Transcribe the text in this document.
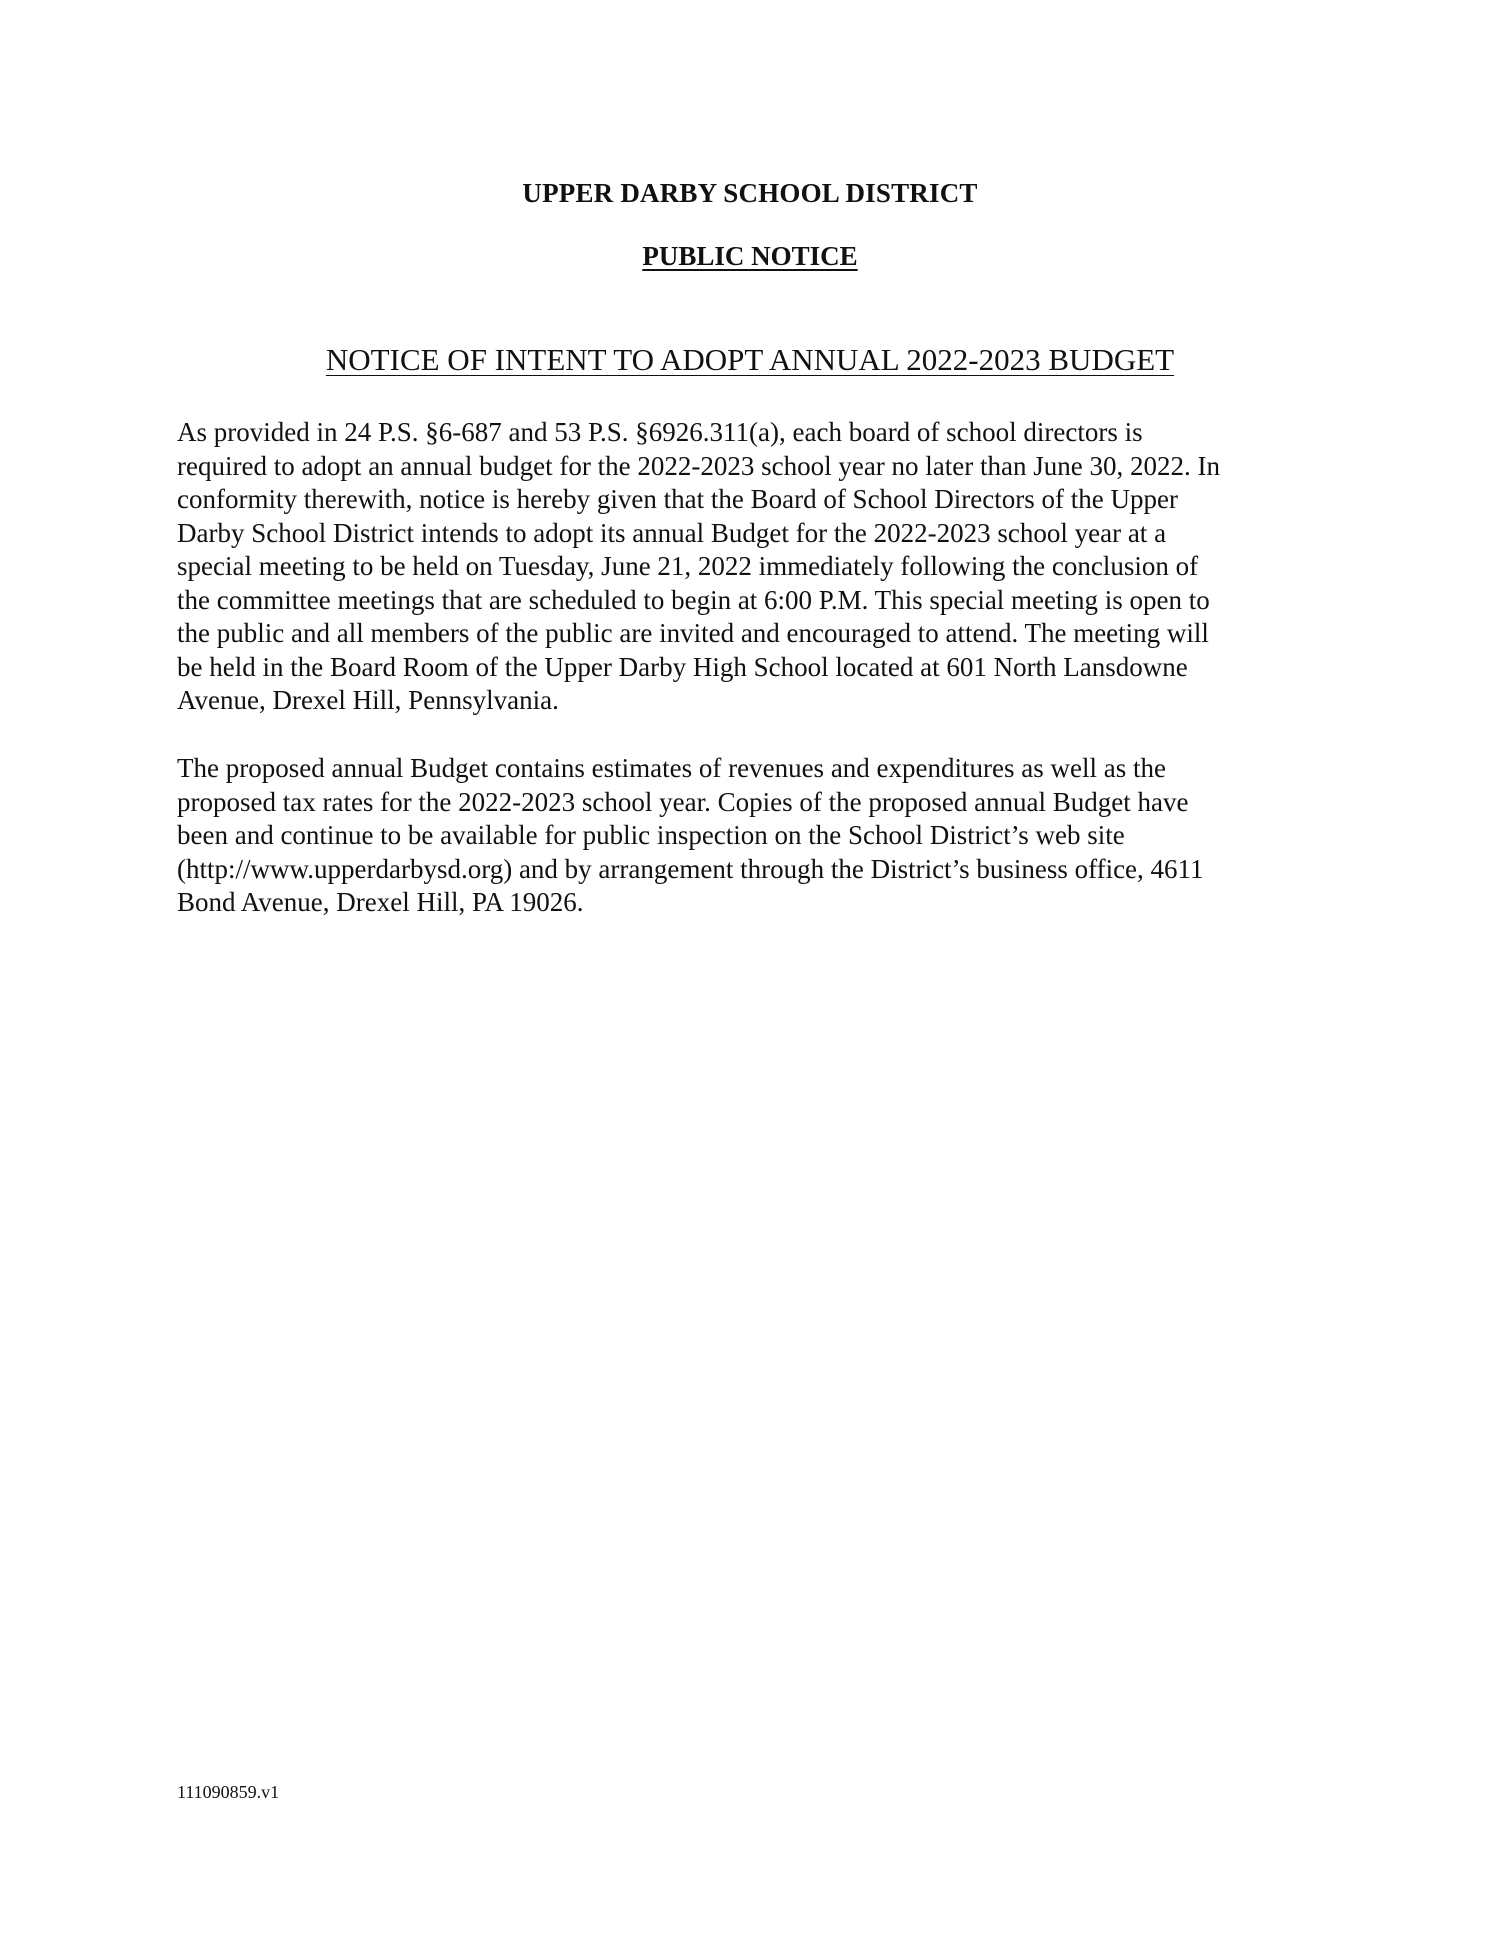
UPPER DARBY SCHOOL DISTRICT
PUBLIC NOTICE
NOTICE OF INTENT TO ADOPT ANNUAL 2022-2023 BUDGET
As provided in 24 P.S. §6-687 and 53 P.S. §6926.311(a), each board of school directors is
required to adopt an annual budget for the 2022-2023 school year no later than June 30, 2022. In
conformity therewith, notice is hereby given that the Board of School Directors of the Upper
Darby School District intends to adopt its annual Budget for the 2022-2023 school year at a
special meeting to be held on Tuesday, June 21, 2022 immediately following the conclusion of
the committee meetings that are scheduled to begin at 6:00 P.M. This special meeting is open to
the public and all members of the public are invited and encouraged to attend. The meeting will
be held in the Board Room of the Upper Darby High School located at 601 North Lansdowne
Avenue, Drexel Hill, Pennsylvania.
The proposed annual Budget contains estimates of revenues and expenditures as well as the
proposed tax rates for the 2022-2023 school year. Copies of the proposed annual Budget have
been and continue to be available for public inspection on the School District’s web site
(http://www.upperdarbysd.org) and by arrangement through the District’s business office, 4611
Bond Avenue, Drexel Hill, PA 19026.
111090859.v1
